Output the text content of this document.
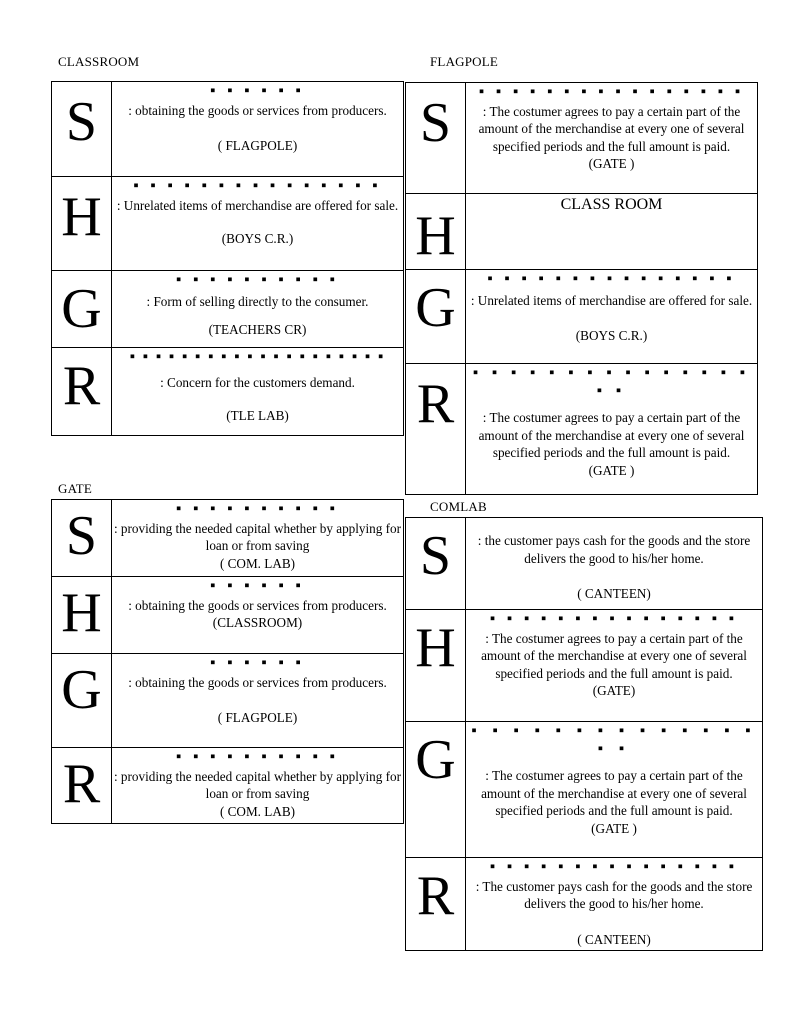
CLASSROOM
S	▪ ▪ ▪ ▪ ▪ ▪
: obtaining the goods or services from producers.
( FLAGPOLE)

H	▪ ▪ ▪ ▪ ▪ ▪ ▪ ▪ ▪ ▪ ▪ ▪ ▪ ▪ ▪
: Unrelated items of merchandise are offered for sale.
(BOYS C.R.)

G	▪ ▪ ▪ ▪ ▪ ▪ ▪ ▪ ▪ ▪
: Form of selling directly to the consumer.
(TEACHERS CR)

R	▪ ▪ ▪ ▪ ▪ ▪ ▪ ▪ ▪ ▪ ▪ ▪ ▪ ▪ ▪ ▪ ▪ ▪ ▪ ▪
: Concern for the customers demand.
(TLE LAB)
FLAGPOLE
S	▪ ▪ ▪ ▪ ▪ ▪ ▪ ▪ ▪ ▪ ▪ ▪ ▪ ▪ ▪ ▪
: The costumer agrees to pay a certain part of the amount of the merchandise at every one of several specified periods and the full amount is paid.
(GATE )

H	CLASS ROOM

G	▪ ▪ ▪ ▪ ▪ ▪ ▪ ▪ ▪ ▪ ▪ ▪ ▪ ▪ ▪
: Unrelated items of merchandise are offered for sale.
(BOYS C.R.)

R	▪ ▪ ▪ ▪ ▪ ▪ ▪ ▪ ▪ ▪ ▪ ▪ ▪ ▪ ▪ ▪ ▪
: The costumer agrees to pay a certain part of the amount of the merchandise at every one of several specified periods and the full amount is paid.
(GATE )
GATE
S	▪ ▪ ▪ ▪ ▪ ▪ ▪ ▪ ▪ ▪
: providing the needed capital whether by applying for loan or from saving
( COM. LAB)

H	▪ ▪ ▪ ▪ ▪ ▪
: obtaining the goods or services from producers.
(CLASSROOM)

G	▪ ▪ ▪ ▪ ▪ ▪
: obtaining the goods or services from producers.
( FLAGPOLE)

R	▪ ▪ ▪ ▪ ▪ ▪ ▪ ▪ ▪ ▪
: providing the needed capital whether by applying for loan or from saving
( COM. LAB)
COMLAB
S	: the customer pays cash for the goods and the store delivers the good to his/her home.
( CANTEEN)

H	▪ ▪ ▪ ▪ ▪ ▪ ▪ ▪ ▪ ▪ ▪ ▪ ▪ ▪ ▪
: The costumer agrees to pay a certain part of the amount of the merchandise at every one of several specified periods and the full amount is paid.
(GATE)

G	▪ ▪ ▪ ▪ ▪ ▪ ▪ ▪ ▪ ▪ ▪ ▪ ▪ ▪ ▪ ▪
: The costumer agrees to pay a certain part of the amount of the merchandise at every one of several specified periods and the full amount is paid.
(GATE )

R	▪ ▪ ▪ ▪ ▪ ▪ ▪ ▪ ▪ ▪ ▪ ▪ ▪ ▪ ▪
: The customer pays cash for the goods and the store delivers the good to his/her home.
( CANTEEN)
